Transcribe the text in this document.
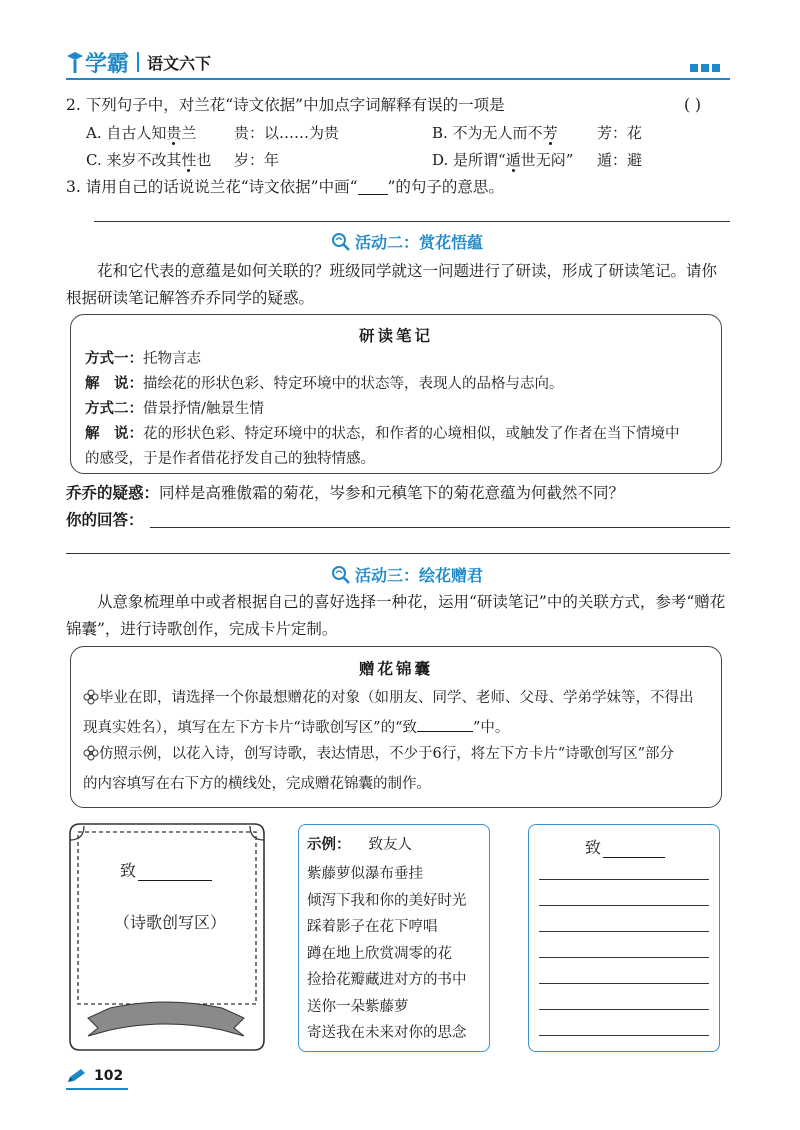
学霸 语文六下
2. 下列句子中，对兰花“诗文依据”中加点字词解释有误的一项是	( )
A. 自古人知贵兰	贵：以……为贵	B. 不为无人而不芳	芳：花
C. 来岁不改其性也 岁：年	D. 是所谓“遁世无闷” 遁：避
3. 请用自己的话说说兰花“诗文依据”中画“ ”的句子的意思。
活动二：赏花悟蕴
花和它代表的意蕴是如何关联的？班级同学就这一问题进行了研读，形成了研读笔记。请你
根据研读笔记解答乔乔同学的疑惑。
研读笔记
方式一：托物言志
解　说：描绘花的形状色彩、特定环境中的状态等，表现人的品格与志向。
方式二：借景抒情/触景生情
解　说：花的形状色彩、特定环境中的状态，和作者的心境相似，或触发了作者在当下情境中
的感受，于是作者借花抒发自己的独特情感。
乔乔的疑惑：同样是高雅傲霜的菊花，岑参和元稹笔下的菊花意蕴为何截然不同？
你的回答：
活动三：绘花赠君
从意象梳理单中或者根据自己的喜好选择一种花，运用“研读笔记”中的关联方式，参考“赠花
锦囊”，进行诗歌创作，完成卡片定制。
赠花锦囊
毕业在即，请选择一个你最想赠花的对象（如朋友、同学、老师、父母、学弟学妹等，不得出
现真实姓名），填写在左下方卡片“诗歌创写区”的“致	”中。
仿照示例，以花入诗，创写诗歌，表达情思，不少于6行，将左下方卡片“诗歌创写区”部分
的内容填写在右下方的横线处，完成赠花锦囊的制作。
致
（诗歌创写区）
示例： 致友人
紫藤萝似瀑布垂挂
倾泻下我和你的美好时光
踩着影子在花下哼唱
蹲在地上欣赏凋零的花
捡拾花瓣藏进对方的书中
送你一朵紫藤萝
寄送我在未来对你的思念
致
102
